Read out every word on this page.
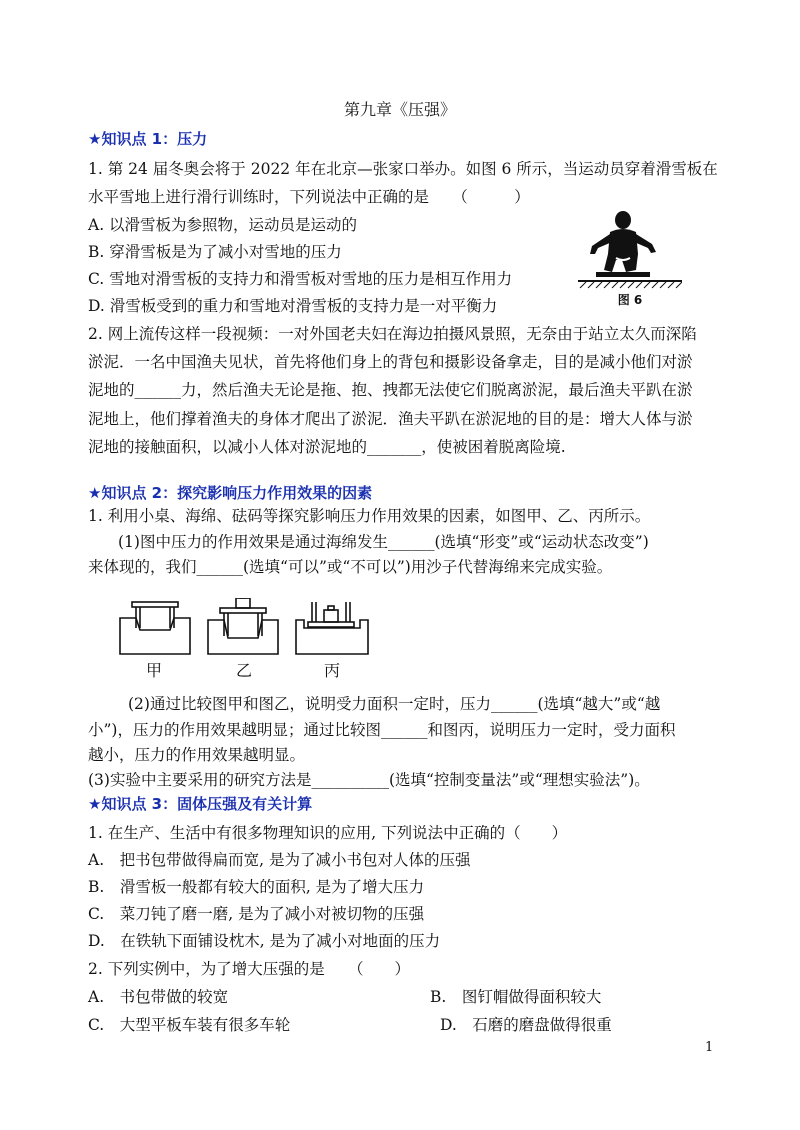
第九章《压强》
★知识点 1：压力
1. 第 24 届冬奥会将于 2022 年在北京—张家口举办。如图 6 所示，当运动员穿着滑雪板在
水平雪地上进行滑行训练时，下列说法中正确的是　　（　　　）
A. 以滑雪板为参照物，运动员是运动的
B. 穿滑雪板是为了减小对雪地的压力
C. 雪地对滑雪板的支持力和滑雪板对雪地的压力是相互作用力
D. 滑雪板受到的重力和雪地对滑雪板的支持力是一对平衡力	图 6
2. 网上流传这样一段视频：一对外国老夫妇在海边拍摄风景照，无奈由于站立太久而深陷
淤泥．一名中国渔夫见状，首先将他们身上的背包和摄影设备拿走，目的是减小他们对淤
泥地的______力，然后渔夫无论是拖、抱、拽都无法使它们脱离淤泥，最后渔夫平趴在淤
泥地上，他们撑着渔夫的身体才爬出了淤泥．渔夫平趴在淤泥地的目的是：增大人体与淤
泥地的接触面积，以减小人体对淤泥地的_______，使被困着脱离险境.
★知识点 2：探究影响压力作用效果的因素
1. 利用小桌、海绵、砝码等探究影响压力作用效果的因素，如图甲、乙、丙所示。
(1)图中压力的作用效果是通过海绵发生______(选填“形变”或“运动状态改变”)
来体现的，我们______(选填“可以”或“不可以”)用沙子代替海绵来完成实验。
甲	乙	丙
(2)通过比较图甲和图乙，说明受力面积一定时，压力______(选填“越大”或“越
小”)，压力的作用效果越明显；通过比较图______和图丙，说明压力一定时，受力面积
越小，压力的作用效果越明显。
(3)实验中主要采用的研究方法是__________(选填“控制变量法”或“理想实验法”)。
★知识点 3：固体压强及有关计算
1. 在生产、生活中有很多物理知识的应用, 下列说法中正确的（　　）
A.　把书包带做得扁而宽, 是为了减小书包对人体的压强
B.　滑雪板一般都有较大的面积, 是为了增大压力
C.　菜刀钝了磨一磨, 是为了减小对被切物的压强
D.　在铁轨下面铺设枕木, 是为了减小对地面的压力
2. 下列实例中，为了增大压强的是　　（　　）
A.　书包带做的较宽	B.　图钉帽做得面积较大
C.　大型平板车装有很多车轮	D.　石磨的磨盘做得很重
1
